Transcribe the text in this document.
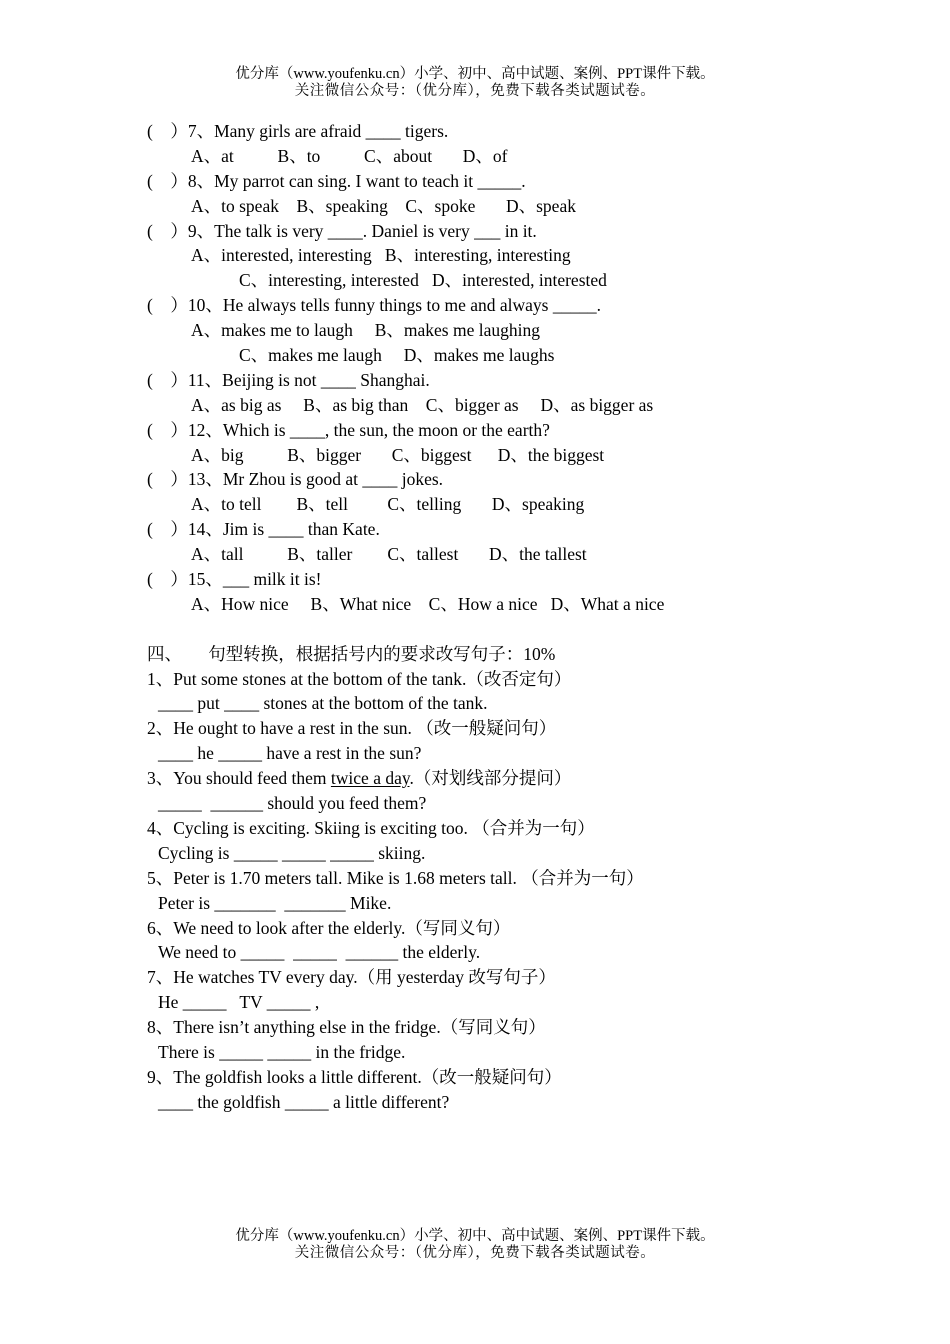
优分库（www.youfenku.cn）小学、初中、高中试题、案例、PPT课件下载。
关注微信公众号：（优分库），免费下载各类试题试卷。
(    ）7、Many girls are afraid ____ tigers.
A、at          B、to          C、about       D、of
(    ）8、My parrot can sing. I want to teach it _____.
A、to speak    B、speaking    C、spoke       D、speak
(    ）9、The talk is very ____. Daniel is very ___ in it.
A、interested, interesting   B、interesting, interesting
C、interesting, interested   D、interested, interested
(    ）10、He always tells funny things to me and always _____.
A、makes me to laugh     B、makes me laughing
C、makes me laugh     D、makes me laughs
(    ）11、Beijing is not ____ Shanghai.
A、as big as     B、as big than    C、bigger as     D、as bigger as
(    ）12、Which is ____, the sun, the moon or the earth?
A、big          B、bigger       C、biggest      D、the biggest
(    ）13、Mr Zhou is good at ____ jokes.
A、to tell        B、tell         C、telling       D、speaking
(    ）14、Jim is ____ than Kate.
A、tall          B、taller        C、tallest       D、the tallest
(    ）15、___ milk it is!
A、How nice     B、What nice    C、How a nice   D、What a nice
四、      句型转换，根据括号内的要求改写句子：10%
1、Put some stones at the bottom of the tank.（改否定句）
____ put ____ stones at the bottom of the tank.
2、He ought to have a rest in the sun. （改一般疑问句）
____ he _____ have a rest in the sun?
3、You should feed them twice a day.（对划线部分提问）
_____  ______ should you feed them?
4、Cycling is exciting. Skiing is exciting too. （合并为一句）
Cycling is _____ _____ _____ skiing.
5、Peter is 1.70 meters tall. Mike is 1.68 meters tall. （合并为一句）
Peter is _______  _______ Mike.
6、We need to look after the elderly.（写同义句）
We need to _____  _____  ______ the elderly.
7、He watches TV every day.（用 yesterday 改写句子）
He _____   TV _____ ,
8、There isn’t anything else in the fridge.（写同义句）
There is _____ _____ in the fridge.
9、The goldfish looks a little different.（改一般疑问句）
____ the goldfish _____ a little different?
优分库（www.youfenku.cn）小学、初中、高中试题、案例、PPT课件下载。
关注微信公众号：（优分库），免费下载各类试题试卷。
